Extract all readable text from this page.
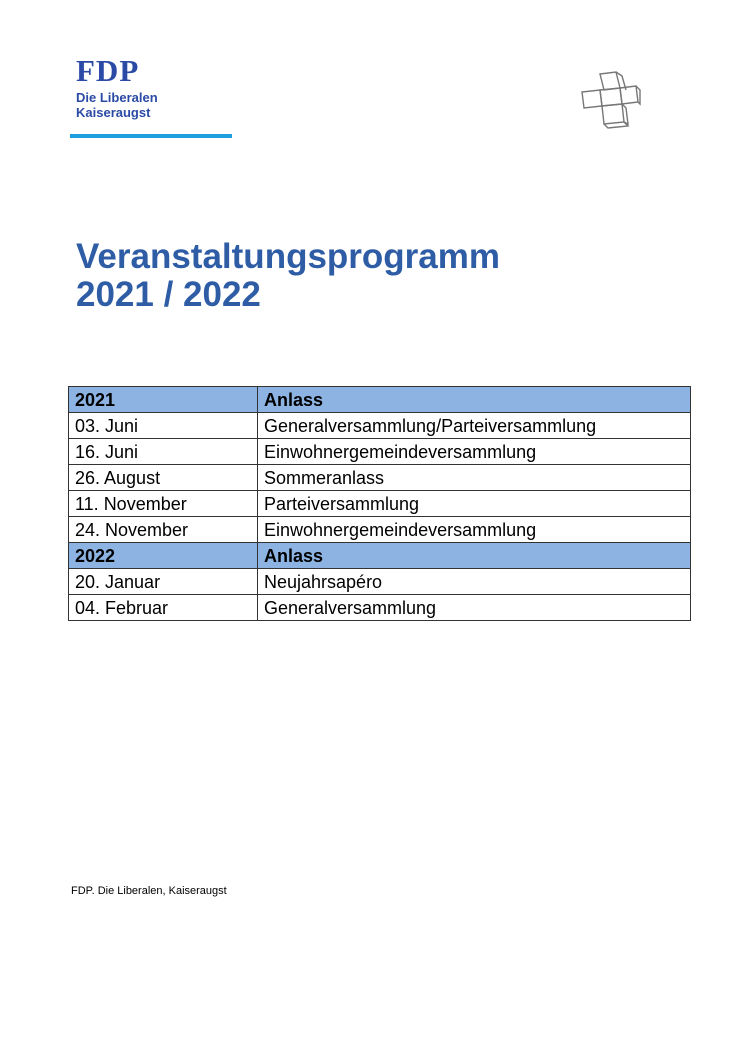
FDP
Die Liberalen
Kaiseraugst
Veranstaltungsprogramm
2021 / 2022
2021	Anlass
03. Juni	Generalversammlung/Parteiversammlung
16. Juni	Einwohnergemeindeversammlung
26. August	Sommeranlass
11. November	Parteiversammlung
24. November	Einwohnergemeindeversammlung
2022	Anlass
20. Januar	Neujahrsapéro
04. Februar	Generalversammlung
FDP. Die Liberalen, Kaiseraugst
